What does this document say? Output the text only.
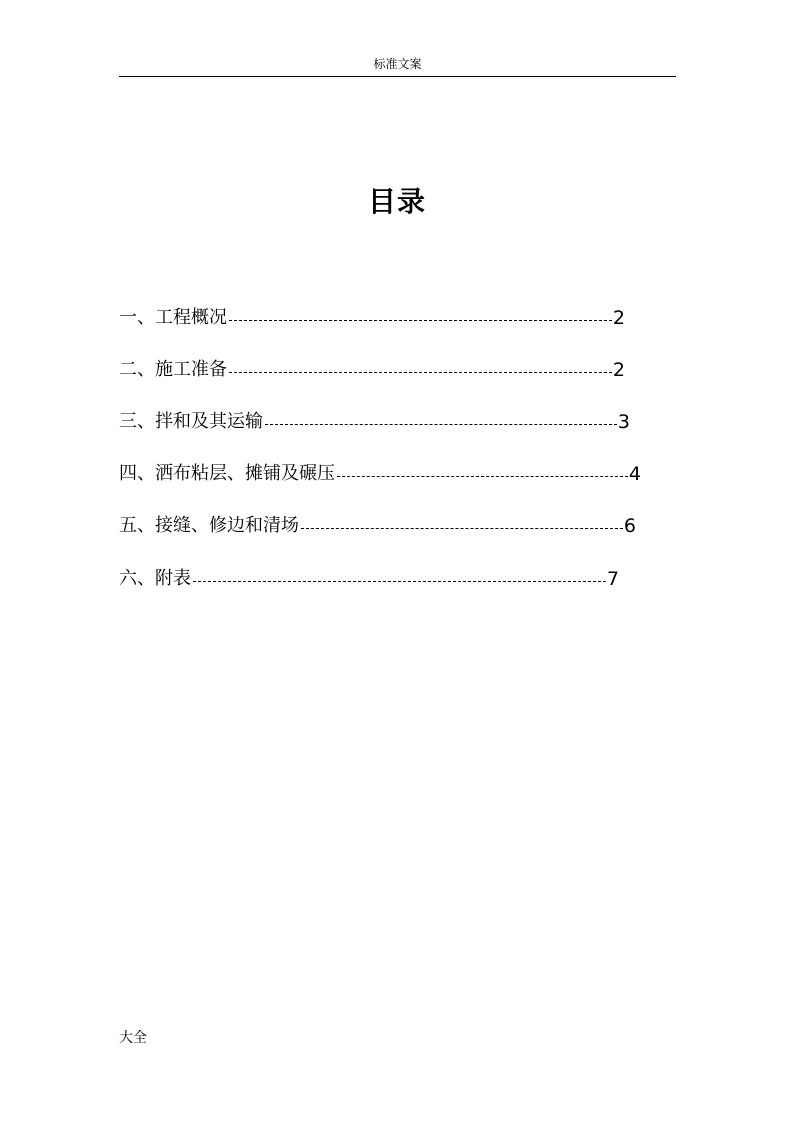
标准文案
目录
一、工程概况	2
二、施工准备	2
三、拌和及其运输	3
四、洒布粘层、摊铺及碾压	4
五、接缝、修边和清场	6
六、附表	7
大全
